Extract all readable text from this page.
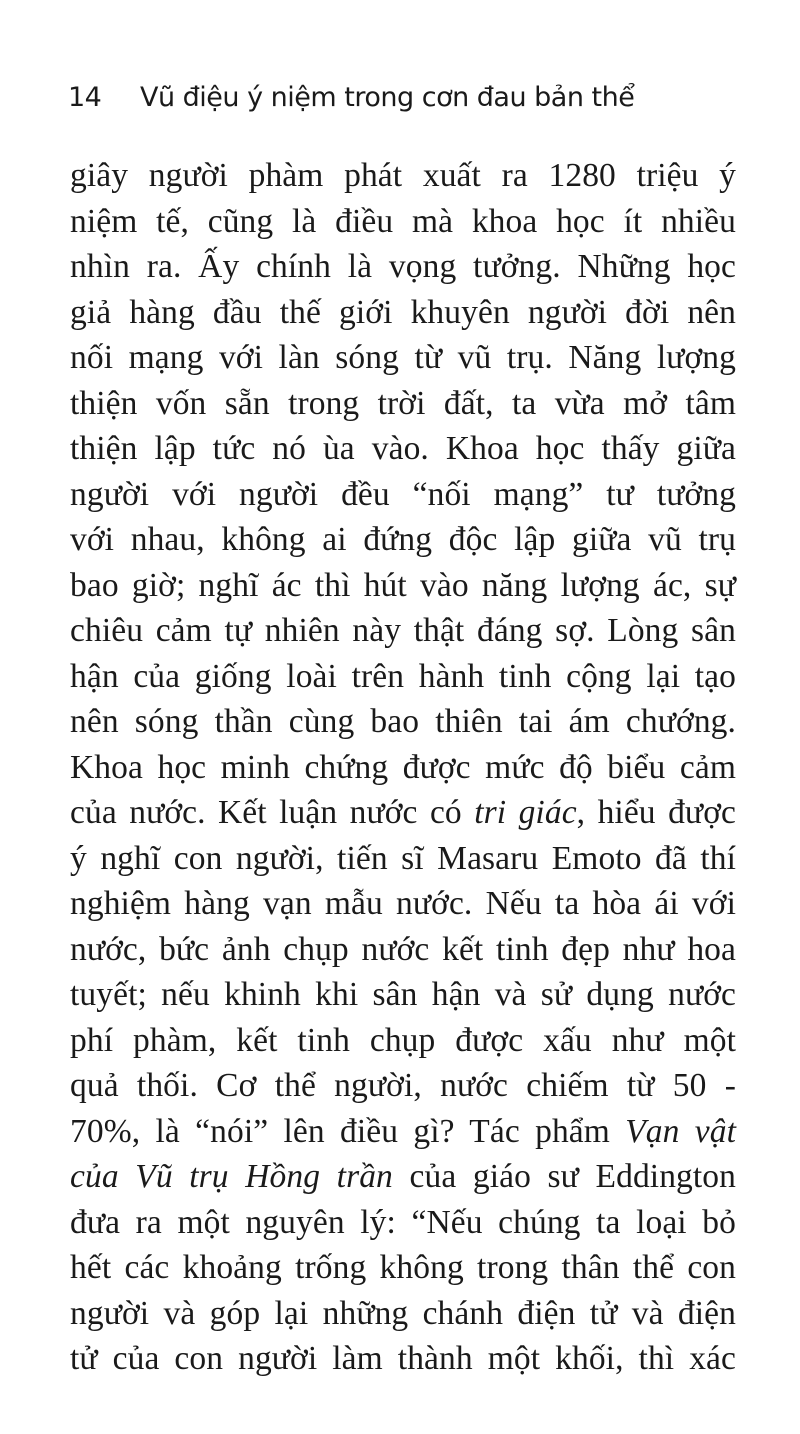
14	Vũ điệu ý niệm trong cơn đau bản thể
giây người phàm phát xuất ra 1280 triệu ý
niệm tế, cũng là điều mà khoa học ít nhiều
nhìn ra. Ấy chính là vọng tưởng. Những học
giả hàng đầu thế giới khuyên người đời nên
nối mạng với làn sóng từ vũ trụ. Năng lượng
thiện vốn sẵn trong trời đất, ta vừa mở tâm
thiện lập tức nó ùa vào. Khoa học thấy giữa
người với người đều “nối mạng” tư tưởng
với nhau, không ai đứng độc lập giữa vũ trụ
bao giờ; nghĩ ác thì hút vào năng lượng ác, sự
chiêu cảm tự nhiên này thật đáng sợ. Lòng sân
hận của giống loài trên hành tinh cộng lại tạo
nên sóng thần cùng bao thiên tai ám chướng.
Khoa học minh chứng được mức độ biểu cảm
của nước. Kết luận nước có tri giác, hiểu được
ý nghĩ con người, tiến sĩ Masaru Emoto đã thí
nghiệm hàng vạn mẫu nước. Nếu ta hòa ái với
nước, bức ảnh chụp nước kết tinh đẹp như hoa
tuyết; nếu khinh khi sân hận và sử dụng nước
phí phàm, kết tinh chụp được xấu như một
quả thối. Cơ thể người, nước chiếm từ 50 -
70%, là “nói” lên điều gì? Tác phẩm Vạn vật
của Vũ trụ Hồng trần của giáo sư Eddington
đưa ra một nguyên lý: “Nếu chúng ta loại bỏ
hết các khoảng trống không trong thân thể con
người và góp lại những chánh điện tử và điện
tử của con người làm thành một khối, thì xác
